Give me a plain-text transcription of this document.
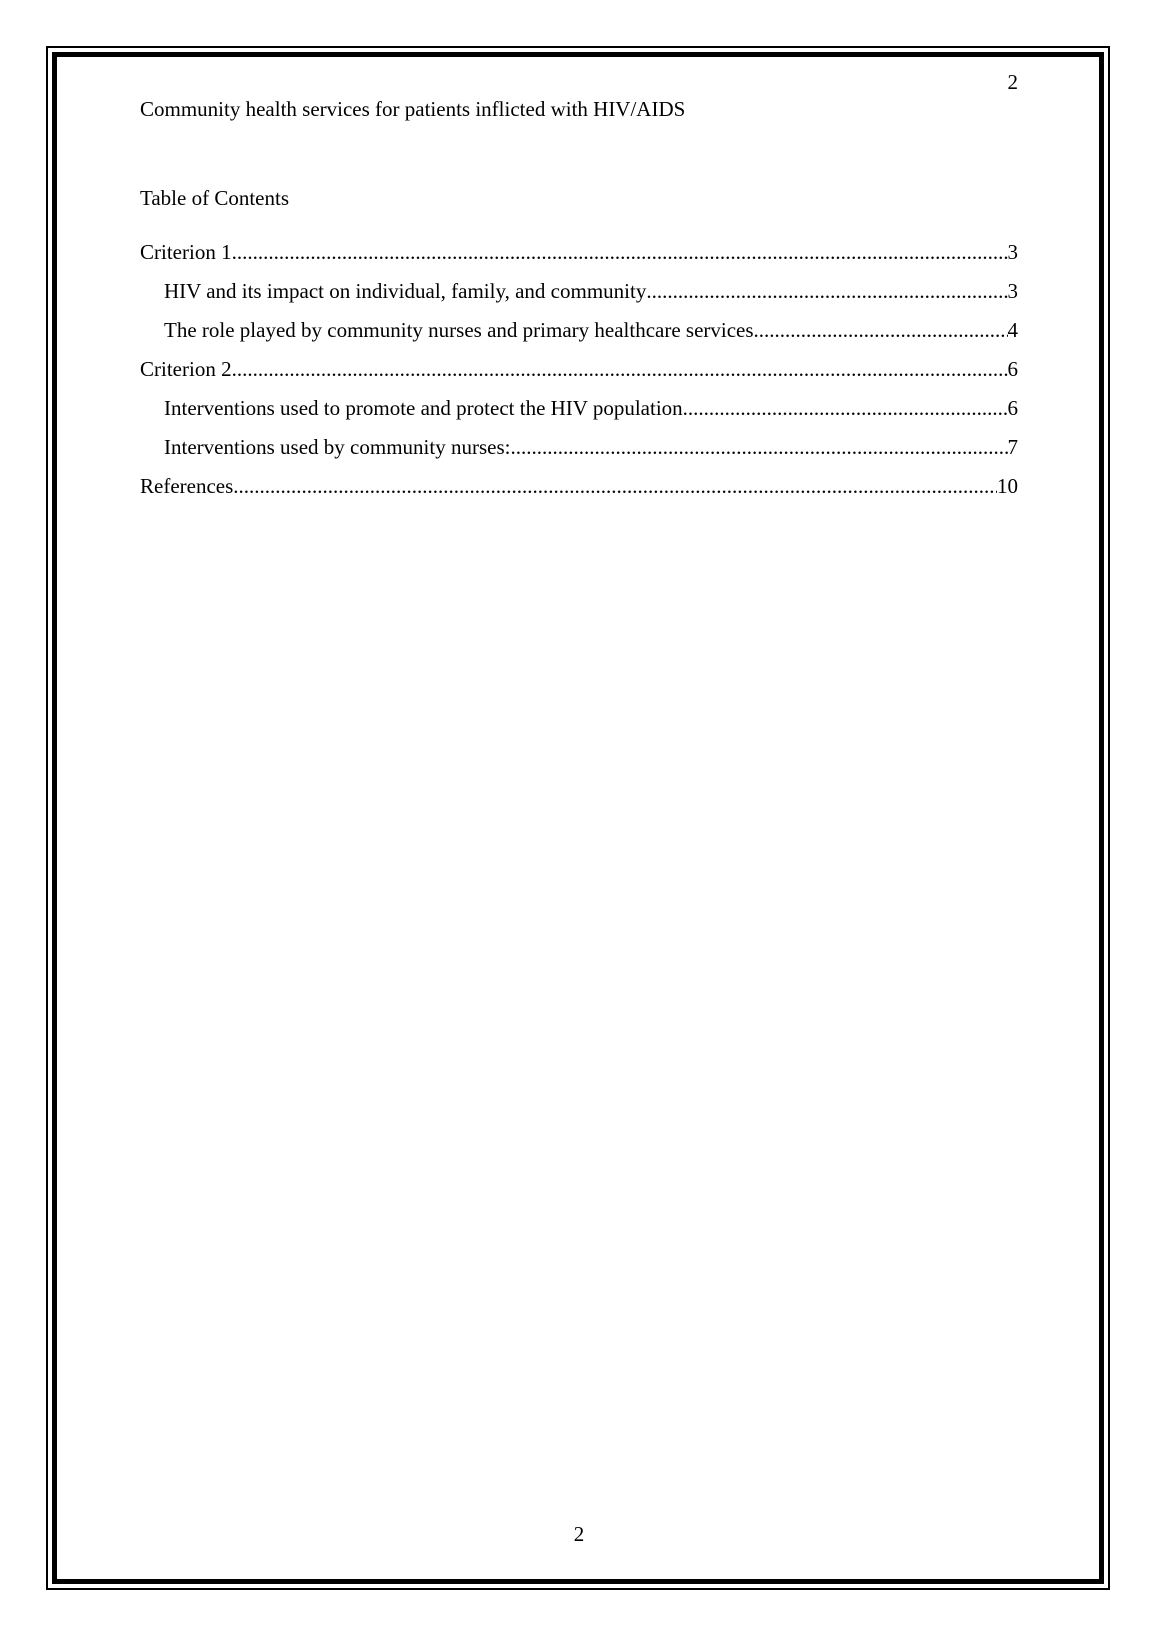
2
Community health services for patients inflicted with HIV/AIDS
Table of Contents
Criterion 1 .....	3
HIV and its impact on individual, family, and community .....	3
The role played by community nurses and primary healthcare services .....	4
Criterion 2 .....	6
Interventions used to promote and protect the HIV population .....	6
Interventions used by community nurses: .....	7
References .....	10
2
